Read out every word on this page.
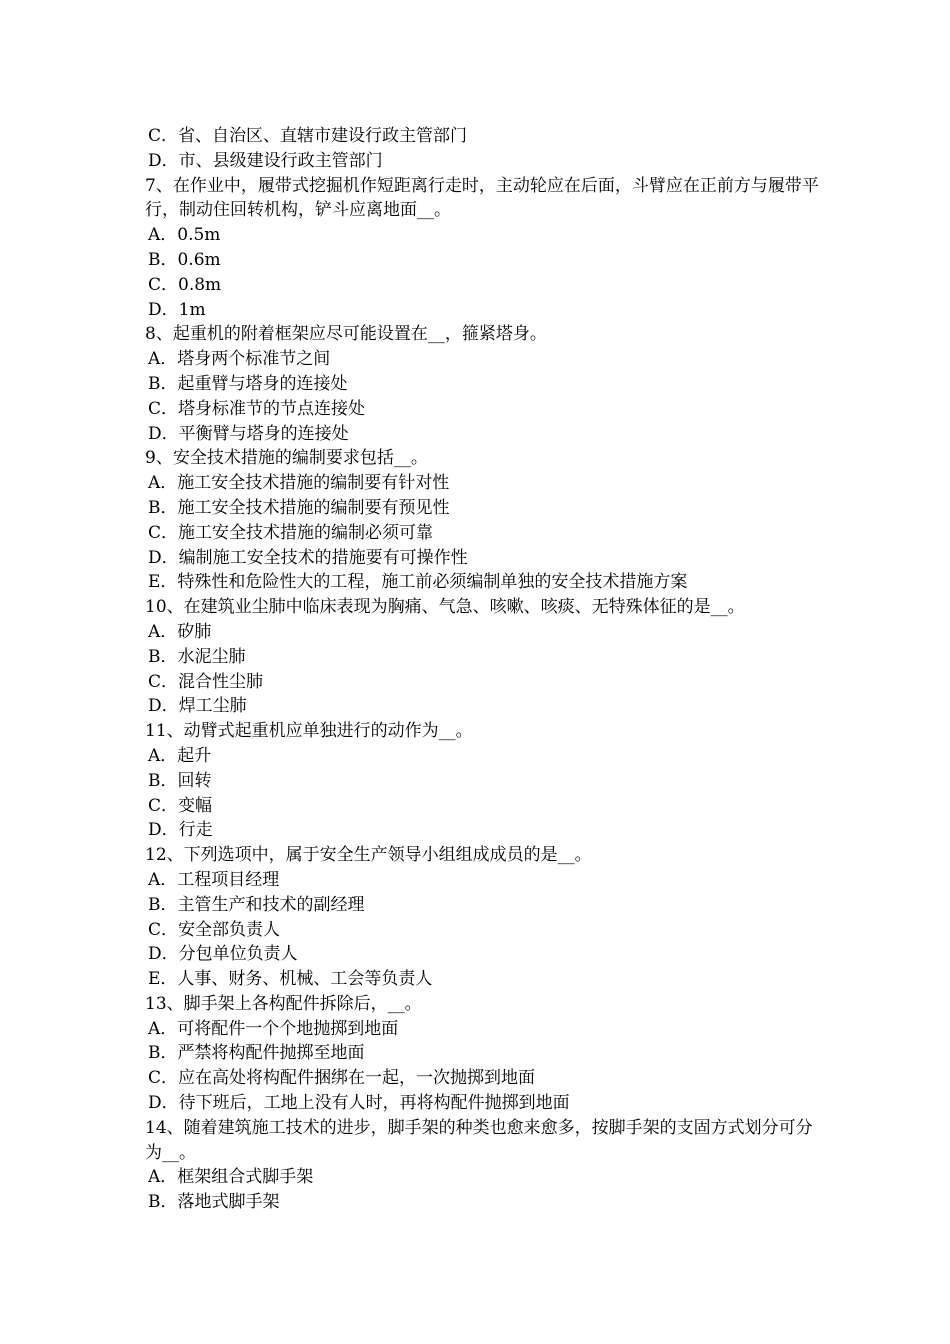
C．省、自治区、直辖市建设行政主管部门
D．市、县级建设行政主管部门
7、在作业中，履带式挖掘机作短距离行走时，主动轮应在后面，斗臂应在正前方与履带平行，制动住回转机构，铲斗应离地面__。
A．0.5m
B．0.6m
C．0.8m
D．1m
8、起重机的附着框架应尽可能设置在__，箍紧塔身。
A．塔身两个标准节之间
B．起重臂与塔身的连接处
C．塔身标准节的节点连接处
D．平衡臂与塔身的连接处
9、安全技术措施的编制要求包括__。
A．施工安全技术措施的编制要有针对性
B．施工安全技术措施的编制要有预见性
C．施工安全技术措施的编制必须可靠
D．编制施工安全技术的措施要有可操作性
E．特殊性和危险性大的工程，施工前必须编制单独的安全技术措施方案
10、在建筑业尘肺中临床表现为胸痛、气急、咳嗽、咳痰、无特殊体征的是__。
A．矽肺
B．水泥尘肺
C．混合性尘肺
D．焊工尘肺
11、动臂式起重机应单独进行的动作为__。
A．起升
B．回转
C．变幅
D．行走
12、下列选项中，属于安全生产领导小组组成成员的是__。
A．工程项目经理
B．主管生产和技术的副经理
C．安全部负责人
D．分包单位负责人
E．人事、财务、机械、工会等负责人
13、脚手架上各构配件拆除后，__。
A．可将配件一个个地抛掷到地面
B．严禁将构配件抛掷至地面
C．应在高处将构配件捆绑在一起，一次抛掷到地面
D．待下班后，工地上没有人时，再将构配件抛掷到地面
14、随着建筑施工技术的进步，脚手架的种类也愈来愈多，按脚手架的支固方式划分可分为__。
A．框架组合式脚手架
B．落地式脚手架
